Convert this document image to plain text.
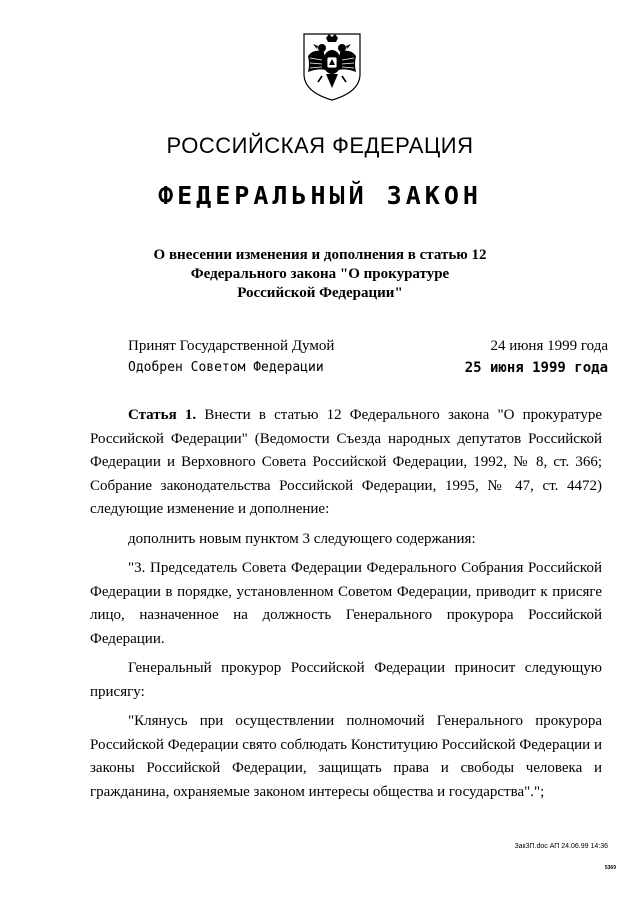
РОССИЙСКАЯ ФЕДЕРАЦИЯ
ФЕДЕРАЛЬНЫЙ ЗАКОН
О внесении изменения и дополнения в статью 12
Федерального закона "О прокуратуре
Российской Федерации"
Принят Государственной Думой	24 июня 1999 года
Одобрен Советом Федерации	25 июня 1999 года

Статья 1. Внести в статью 12 Федерального закона "О прокуратуре Российской Федерации" (Ведомости Съезда народных депутатов Российской Федерации и Верховного Совета Российской Федерации, 1992, № 8, ст. 366; Собрание законодательства Российской Федерации, 1995, № 47, ст. 4472) следующие изменение и дополнение:

дополнить новым пунктом 3 следующего содержания:

"3. Председатель Совета Федерации Федерального Собрания Российской Федерации в порядке, установленном Советом Федерации, приводит к присяге лицо, назначенное на должность Генерального прокурора Российской Федерации.

Генеральный прокурор Российской Федерации приносит следующую присягу:

"Клянусь при осуществлении полномочий Генерального прокурора Российской Федерации свято соблюдать Конституцию Российской Федерации и законы Российской Федерации, защищать права и свободы человека и гражданина, охраняемые законом интересы общества и государства".";

Зак3П.doc АП 24.06.99 14:36
5369
